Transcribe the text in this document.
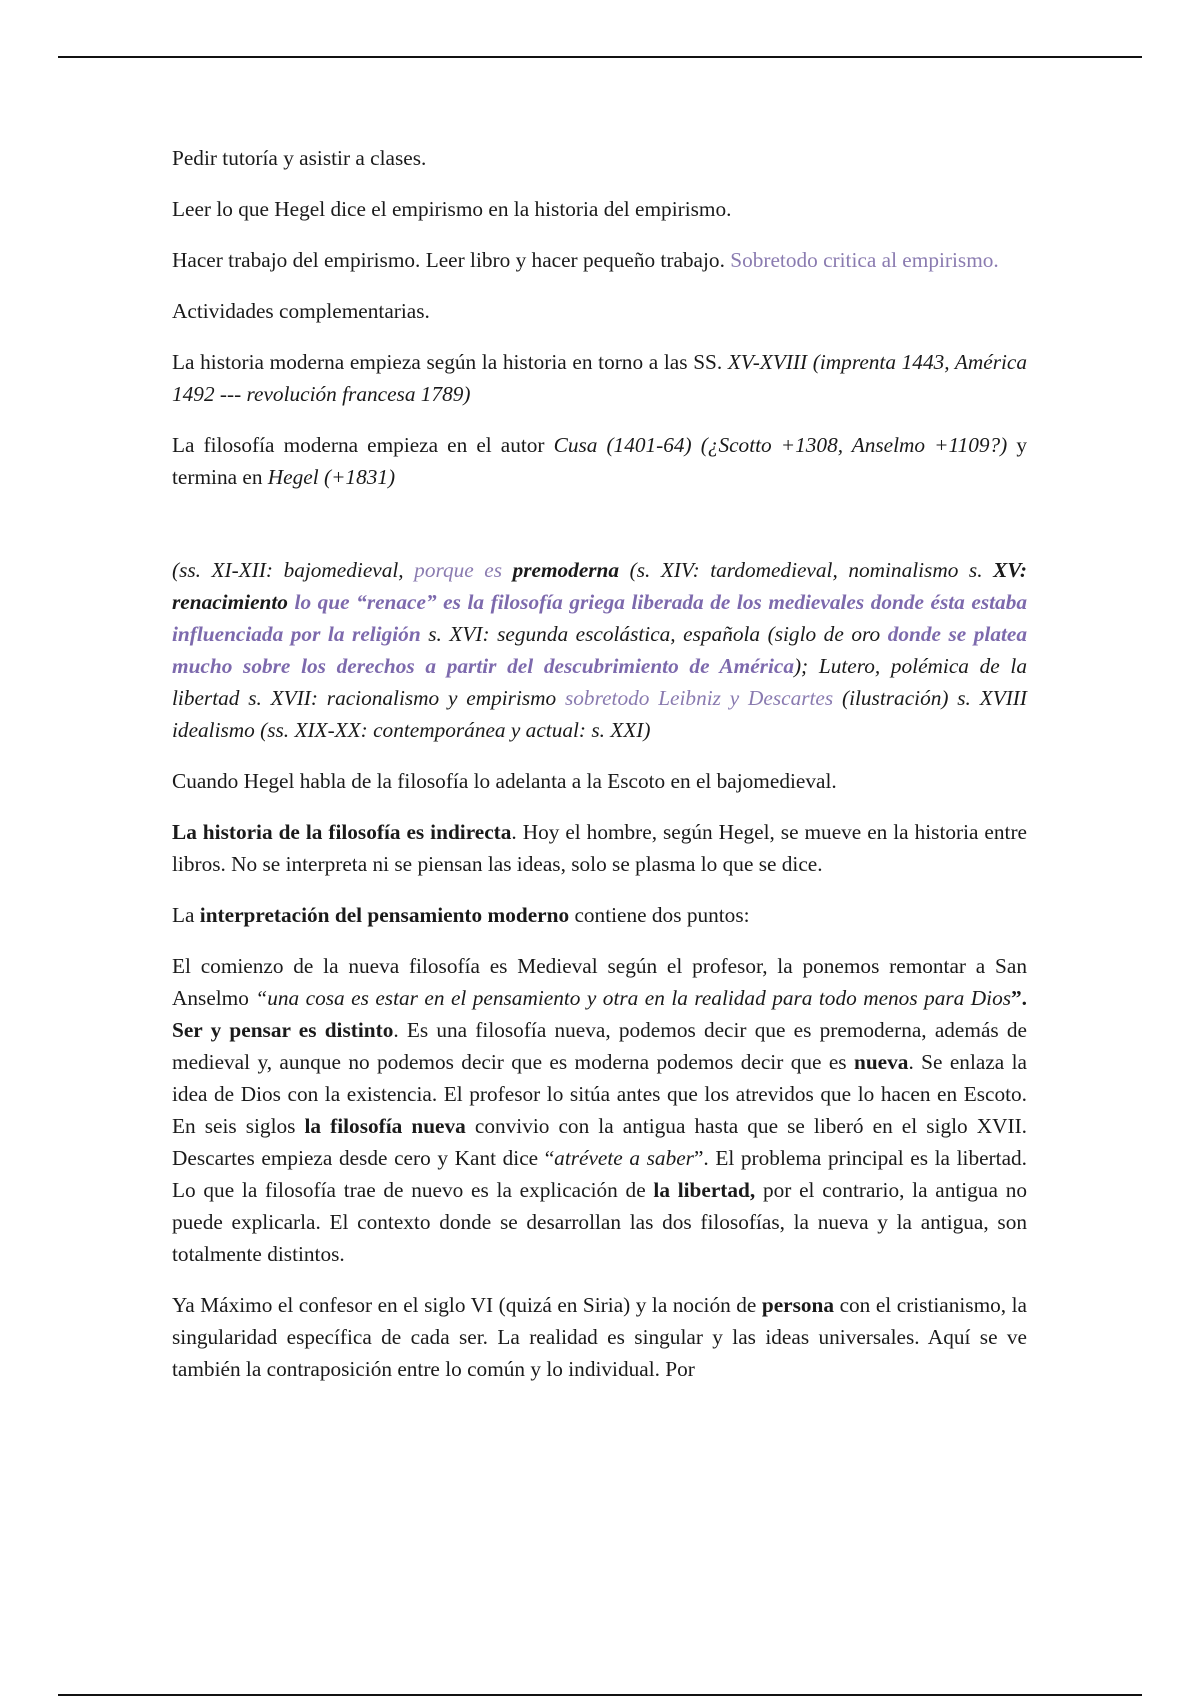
Pedir tutoría y asistir a clases.

Leer lo que Hegel dice el empirismo en la historia del empirismo.

Hacer trabajo del empirismo. Leer libro y hacer pequeño trabajo. Sobretodo critica al empirismo.

Actividades complementarias.

La historia moderna empieza según la historia en torno a las SS. XV-XVIII (imprenta 1443, América 1492 --- revolución francesa 1789)

La filosofía moderna empieza en el autor Cusa (1401-64) (¿Scotto +1308, Anselmo +1109?) y termina en Hegel (+1831)

(ss. XI-XII: bajomedieval, porque es premoderna (s. XIV: tardomedieval, nominalismo s. XV: renacimiento lo que “renace” es la filosofía griega liberada de los medievales donde ésta estaba influenciada por la religión s. XVI: segunda escolástica, española (siglo de oro donde se platea mucho sobre los derechos a partir del descubrimiento de América); Lutero, polémica de la libertad s. XVII: racionalismo y empirismo sobretodo Leibniz y Descartes (ilustración) s. XVIII idealismo (ss. XIX-XX: contemporánea y actual: s. XXI)

Cuando Hegel habla de la filosofía lo adelanta a la Escoto en el bajomedieval.

La historia de la filosofía es indirecta. Hoy el hombre, según Hegel, se mueve en la historia entre libros. No se interpreta ni se piensan las ideas, solo se plasma lo que se dice.

La interpretación del pensamiento moderno contiene dos puntos:

El comienzo de la nueva filosofía es Medieval según el profesor, la ponemos remontar a San Anselmo “una cosa es estar en el pensamiento y otra en la realidad para todo menos para Dios”. Ser y pensar es distinto. Es una filosofía nueva, podemos decir que es premoderna, además de medieval y, aunque no podemos decir que es moderna podemos decir que es nueva. Se enlaza la idea de Dios con la existencia. El profesor lo sitúa antes que los atrevidos que lo hacen en Escoto. En seis siglos la filosofía nueva convivio con la antigua hasta que se liberó en el siglo XVII. Descartes empieza desde cero y Kant dice “atrévete a saber”. El problema principal es la libertad. Lo que la filosofía trae de nuevo es la explicación de la libertad, por el contrario, la antigua no puede explicarla. El contexto donde se desarrollan las dos filosofías, la nueva y la antigua, son totalmente distintos.

Ya Máximo el confesor en el siglo VI (quizá en Siria) y la noción de persona con el cristianismo, la singularidad específica de cada ser. La realidad es singular y las ideas universales. Aquí se ve también la contraposición entre lo común y lo individual. Por
